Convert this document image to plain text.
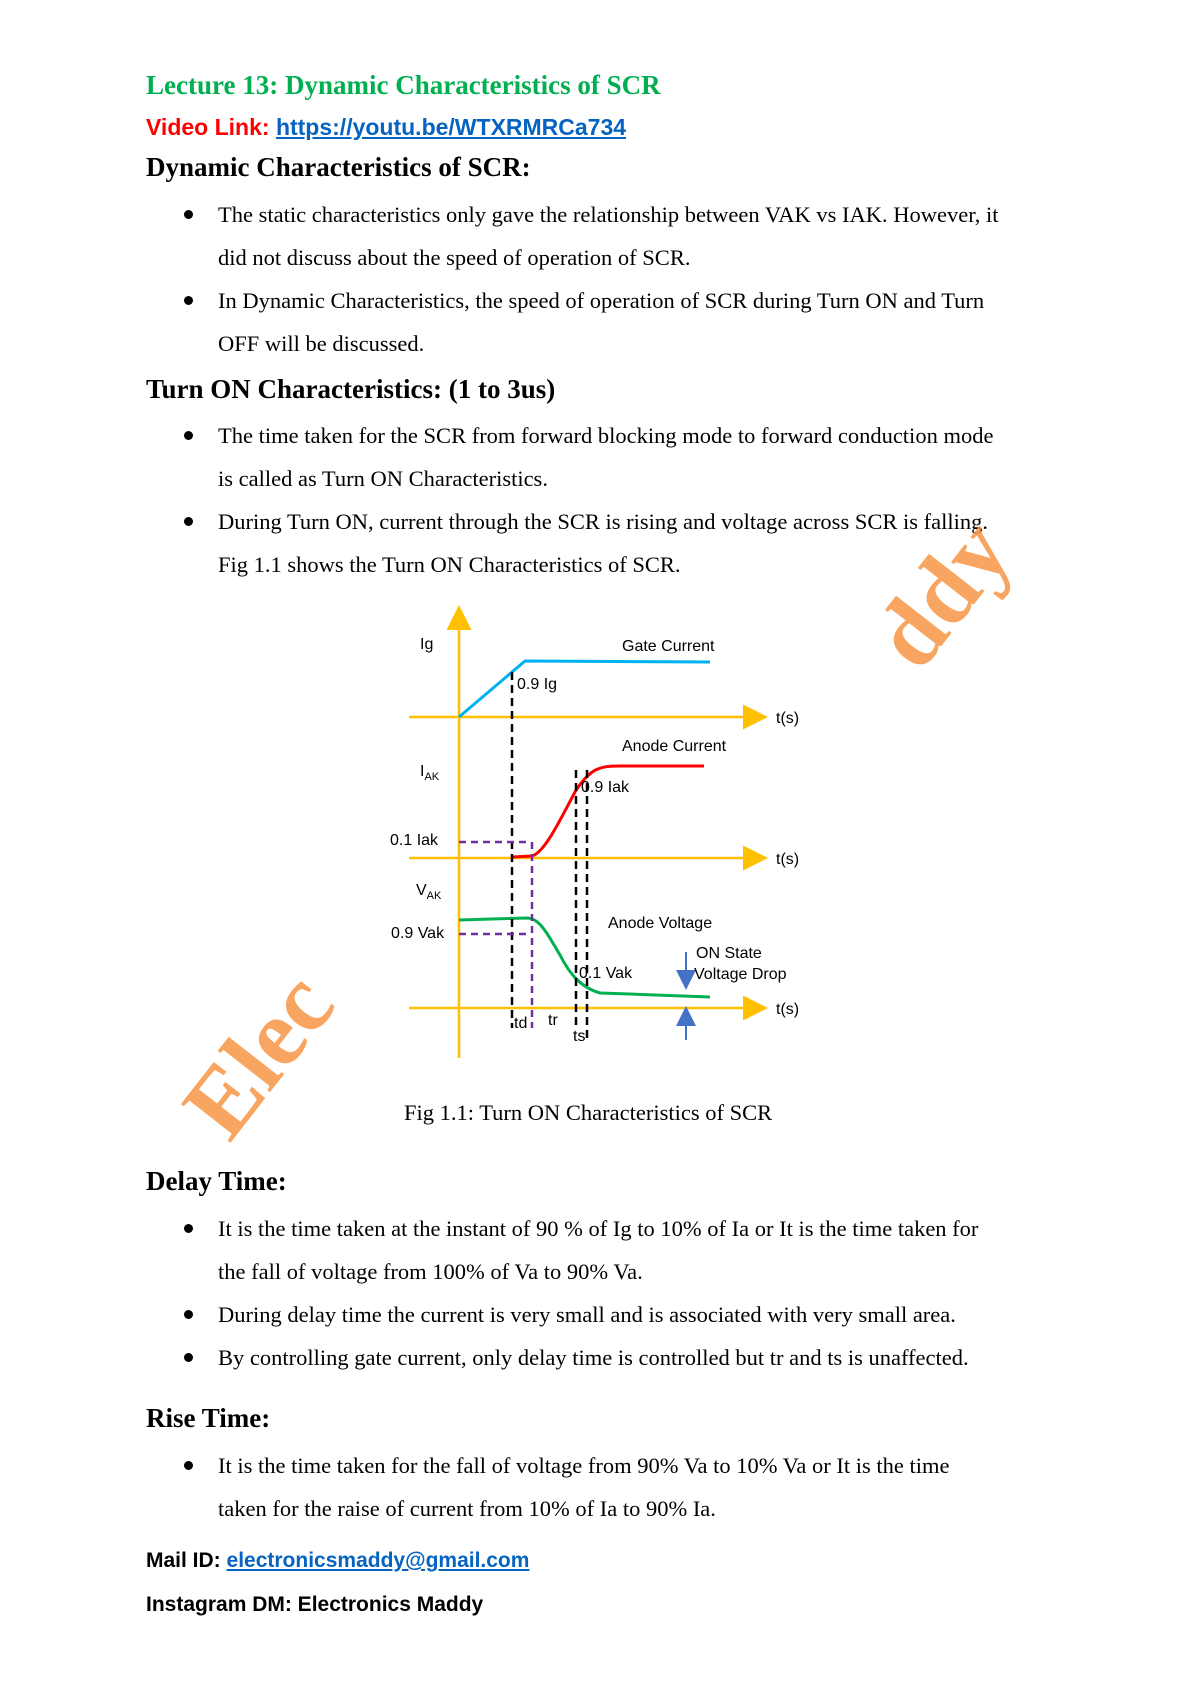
Lecture 13: Dynamic Characteristics of SCR
Video Link: https://youtu.be/WTXRMRCa734
Dynamic Characteristics of SCR:
The static characteristics only gave the relationship between VAK vs IAK. However, it
did not discuss about the speed of operation of SCR.
In Dynamic Characteristics, the speed of operation of SCR during Turn ON and Turn
OFF will be discussed.
Turn ON Characteristics: (1 to 3us)
The time taken for the SCR from forward blocking mode to forward conduction mode
is called as Turn ON Characteristics.
During Turn ON, current through the SCR is rising and voltage across SCR is falling.
Fig 1.1 shows the Turn ON Characteristics of SCR.
Ig	Gate Current
0.9 Ig
t(s)
Anode Current
$I_{AK}$
0.9 Iak
0.1 Iak
t(s)
$V_{AK}$
Anode Voltage
0.9 Vak
0.1 Vak
ON State
Voltage Drop
t(s)
td tr
ts
Fig 1.1: Turn ON Characteristics of SCR
Delay Time:
It is the time taken at the instant of 90 % of Ig to 10% of Ia or It is the time taken for
the fall of voltage from 100% of Va to 90% Va.
During delay time the current is very small and is associated with very small area.
By controlling gate current, only delay time is controlled but tr and ts is unaffected.
Rise Time:
It is the time taken for the fall of voltage from 90% Va to 10% Va or It is the time
taken for the raise of current from 10% of Ia to 90% Ia.
Mail ID: electronicsmaddy@gmail.com
Instagram DM: Electronics Maddy
Elec
ddy
